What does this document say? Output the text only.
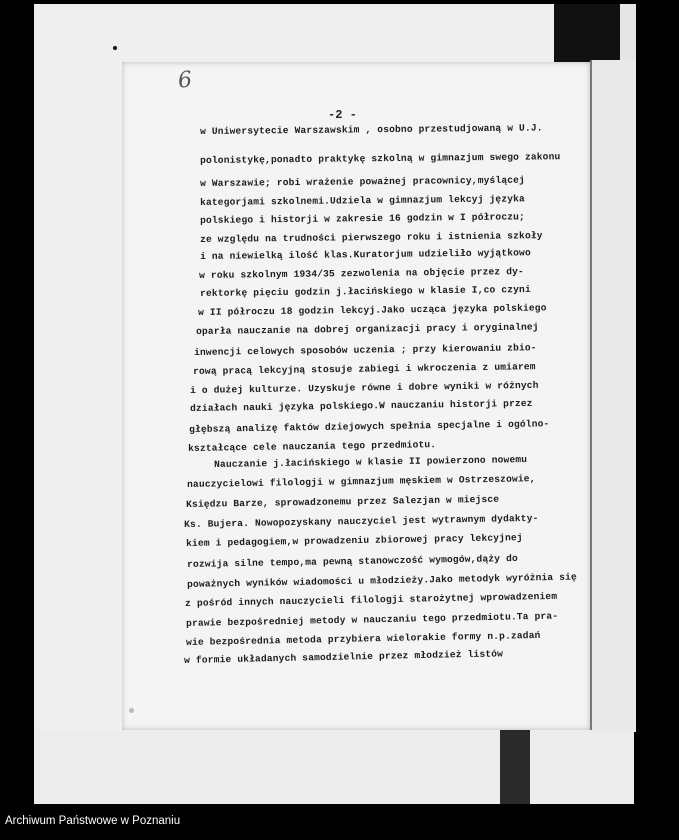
6
-2 -
w Uniwersytecie Warszawskim , osobno przestudjowaną w U.J.
polonistykę,ponadto praktykę szkolną w gimnazjum swego zakonu
w Warszawie; robi wrażenie poważnej pracownicy,myślącej
kategorjami szkolnemi.Udziela w gimnazjum lekcyj języka
polskiego i historji w zakresie 16 godzin w I półroczu;
ze względu na trudności pierwszego roku i istnienia szkoły
i na niewielką ilość klas.Kuratorjum udzieliło wyjątkowo
w roku szkolnym 1934/35 zezwolenia na objęcie przez dy-
rektorkę pięciu godzin j.łacińskiego w klasie I,co czyni
w II półroczu 18 godzin lekcyj.Jako ucząca języka polskiego
oparła nauczanie na dobrej organizacji pracy i oryginalnej
inwencji celowych sposobów uczenia ; przy kierowaniu zbio-
rową pracą lekcyjną stosuje zabiegi i wkroczenia z umiarem
i o dużej kulturze. Uzyskuje równe i dobre wyniki w różnych
działach nauki języka polskiego.W nauczaniu historji przez
głębszą analizę faktów dziejowych spełnia specjalne i ogólno-
kształcące cele nauczania tego przedmiotu.
Nauczanie j.łacińskiego w klasie II powierzono nowemu
nauczycielowi filologji w gimnazjum męskiem w Ostrzeszowie,
Księdzu Barze, sprowadzonemu przez Salezjan w miejsce
Ks. Bujera. Nowopozyskany nauczyciel jest wytrawnym dydakty-
kiem i pedagogiem,w prowadzeniu zbiorowej pracy lekcyjnej
rozwija silne tempo,ma pewną stanowczość wymogów,dąży do
poważnych wyników wiadomości u młodzieży.Jako metodyk wyróżnia się
z pośród innych nauczycieli filologji starożytnej wprowadzeniem
prawie bezpośredniej metody w nauczaniu tego przedmiotu.Ta pra-
wie bezpośrednia metoda przybiera wielorakie formy n.p.zadań
w formie układanych samodzielnie przez młodzież listów
Archiwum Państwowe w Poznaniu
